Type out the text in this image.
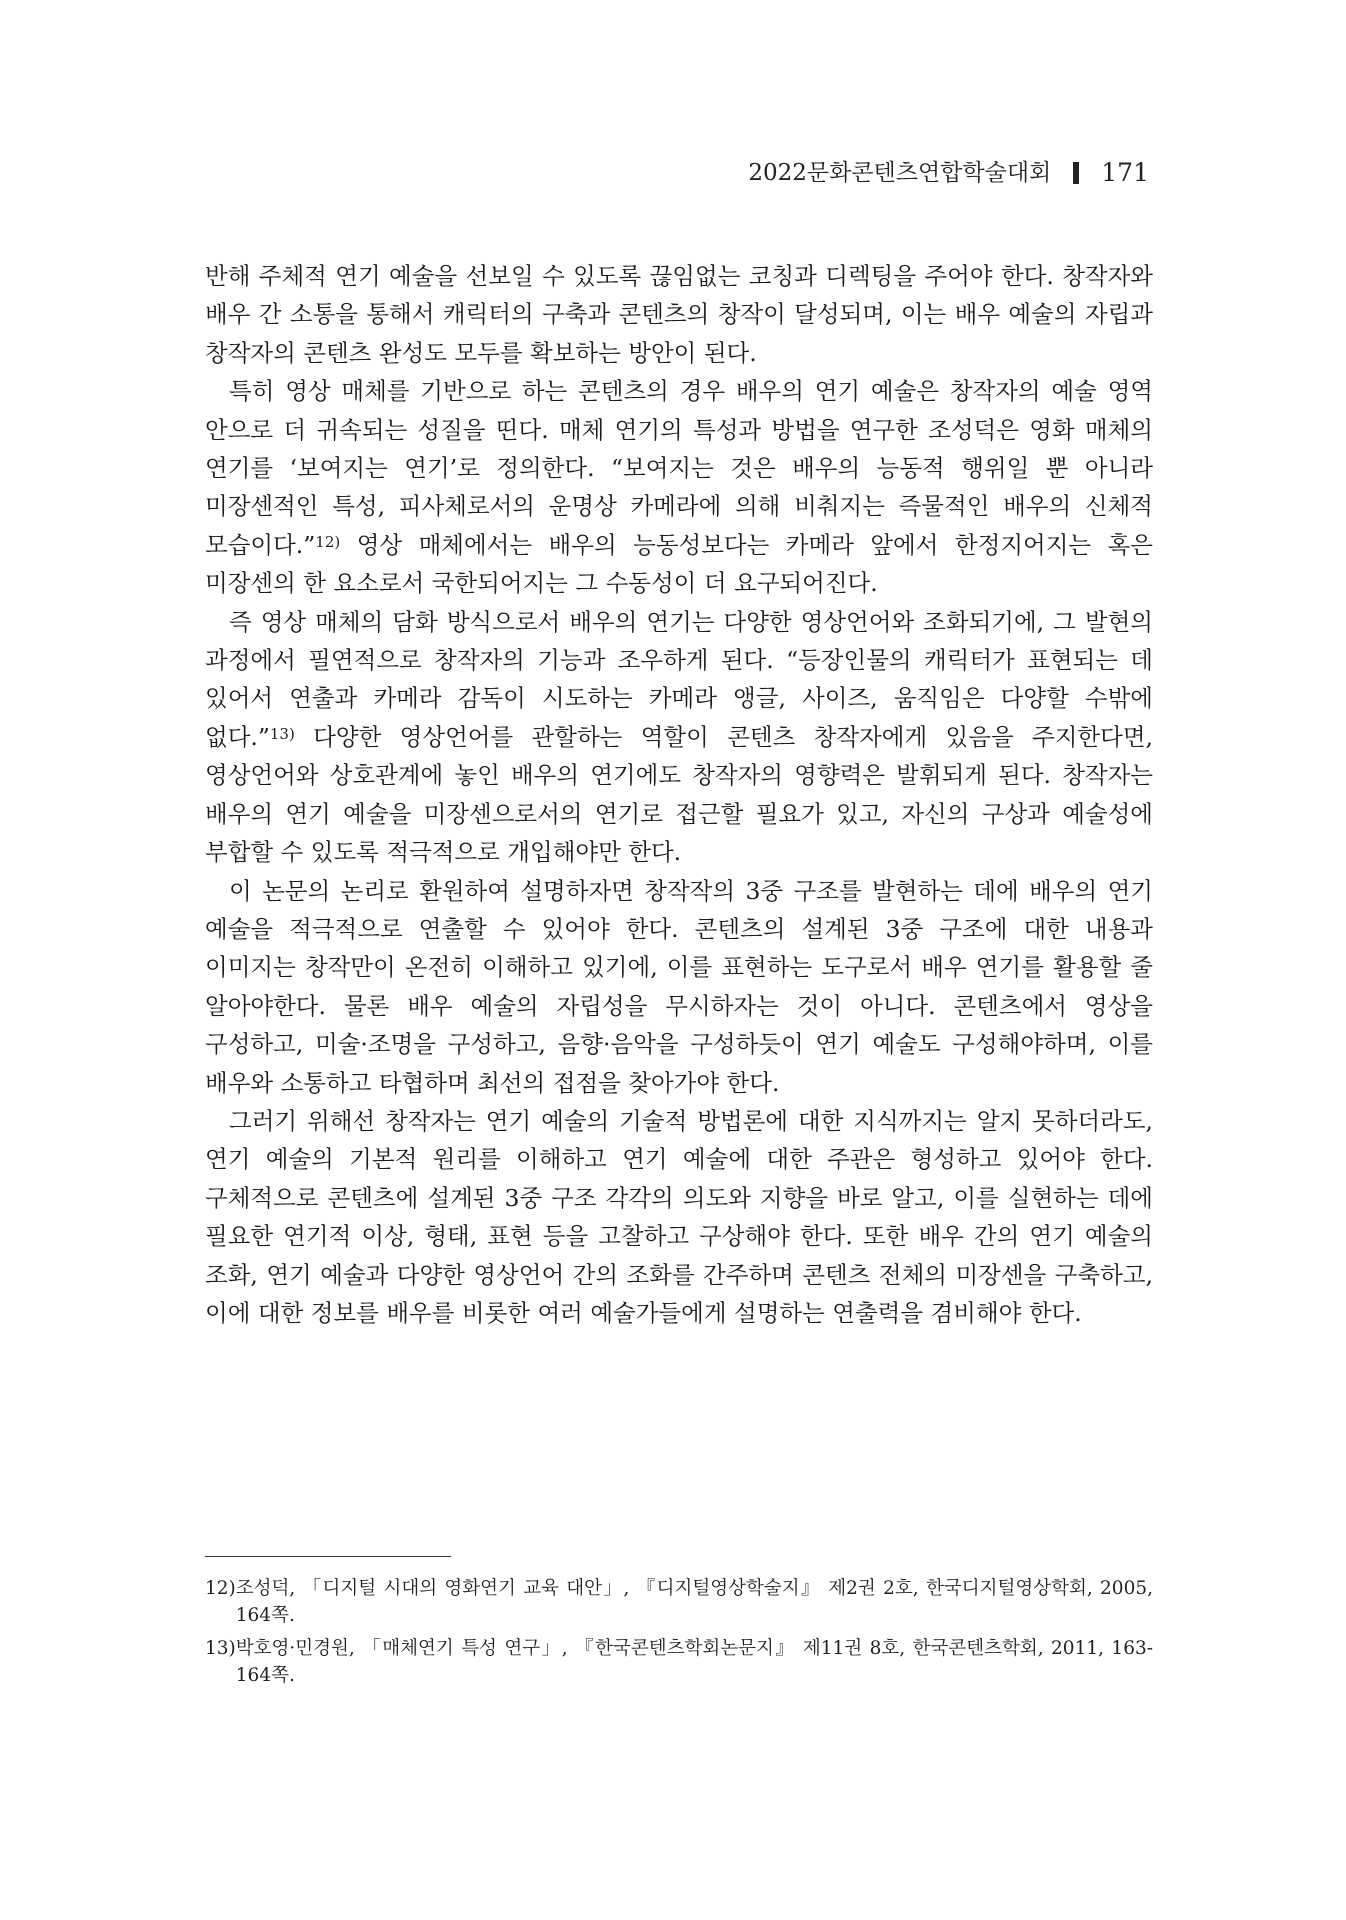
2022문화콘텐츠연합학술대회 171

반해 주체적 연기 예술을 선보일 수 있도록 끊임없는 코칭과 디렉팅을 주어야 한다. 창작자와 배우 간 소통을 통해서 캐릭터의 구축과 콘텐츠의 창작이 달성되며, 이는 배우 예술의 자립과 창작자의 콘텐츠 완성도 모두를 확보하는 방안이 된다.

특히 영상 매체를 기반으로 하는 콘텐츠의 경우 배우의 연기 예술은 창작자의 예술 영역 안으로 더 귀속되는 성질을 띤다. 매체 연기의 특성과 방법을 연구한 조성덕은 영화 매체의 연기를 ‘보여지는 연기’로 정의한다. “보여지는 것은 배우의 능동적 행위일 뿐 아니라 미장센적인 특성, 피사체로서의 운명상 카메라에 의해 비춰지는 즉물적인 배우의 신체적 모습이다.”$^{12)}$ 영상 매체에서는 배우의 능동성보다는 카메라 앞에서 한정지어지는 혹은 미장센의 한 요소로서 국한되어지는 그 수동성이 더 요구되어진다.

즉 영상 매체의 담화 방식으로서 배우의 연기는 다양한 영상언어와 조화되기에, 그 발현의 과정에서 필연적으로 창작자의 기능과 조우하게 된다. “등장인물의 캐릭터가 표현되는 데 있어서 연출과 카메라 감독이 시도하는 카메라 앵글, 사이즈, 움직임은 다양할 수밖에 없다.”$^{13)}$ 다양한 영상언어를 관할하는 역할이 콘텐츠 창작자에게 있음을 주지한다면, 영상언어와 상호관계에 놓인 배우의 연기에도 창작자의 영향력은 발휘되게 된다. 창작자는 배우의 연기 예술을 미장센으로서의 연기로 접근할 필요가 있고, 자신의 구상과 예술성에 부합할 수 있도록 적극적으로 개입해야만 한다.

이 논문의 논리로 환원하여 설명하자면 창작작의 3중 구조를 발현하는 데에 배우의 연기 예술을 적극적으로 연출할 수 있어야 한다. 콘텐츠의 설계된 3중 구조에 대한 내용과 이미지는 창작만이 온전히 이해하고 있기에, 이를 표현하는 도구로서 배우 연기를 활용할 줄 알아야한다. 물론 배우 예술의 자립성을 무시하자는 것이 아니다. 콘텐츠에서 영상을 구성하고, 미술·조명을 구성하고, 음향·음악을 구성하듯이 연기 예술도 구성해야하며, 이를 배우와 소통하고 타협하며 최선의 접점을 찾아가야 한다.

그러기 위해선 창작자는 연기 예술의 기술적 방법론에 대한 지식까지는 알지 못하더라도, 연기 예술의 기본적 원리를 이해하고 연기 예술에 대한 주관은 형성하고 있어야 한다. 구체적으로 콘텐츠에 설계된 3중 구조 각각의 의도와 지향을 바로 알고, 이를 실현하는 데에 필요한 연기적 이상, 형태, 표현 등을 고찰하고 구상해야 한다. 또한 배우 간의 연기 예술의 조화, 연기 예술과 다양한 영상언어 간의 조화를 간주하며 콘텐츠 전체의 미장센을 구축하고, 이에 대한 정보를 배우를 비롯한 여러 예술가들에게 설명하는 연출력을 겸비해야 한다.

12) 조성덕, 「디지털 시대의 영화연기 교육 대안」, 『디지털영상학술지』 제2권 2호, 한국디지털영상학회, 2005, 164쪽.
13) 박호영·민경원, 「매체연기 특성 연구」, 『한국콘텐츠학회논문지』 제11권 8호, 한국콘텐츠학회, 2011, 163-164쪽.
